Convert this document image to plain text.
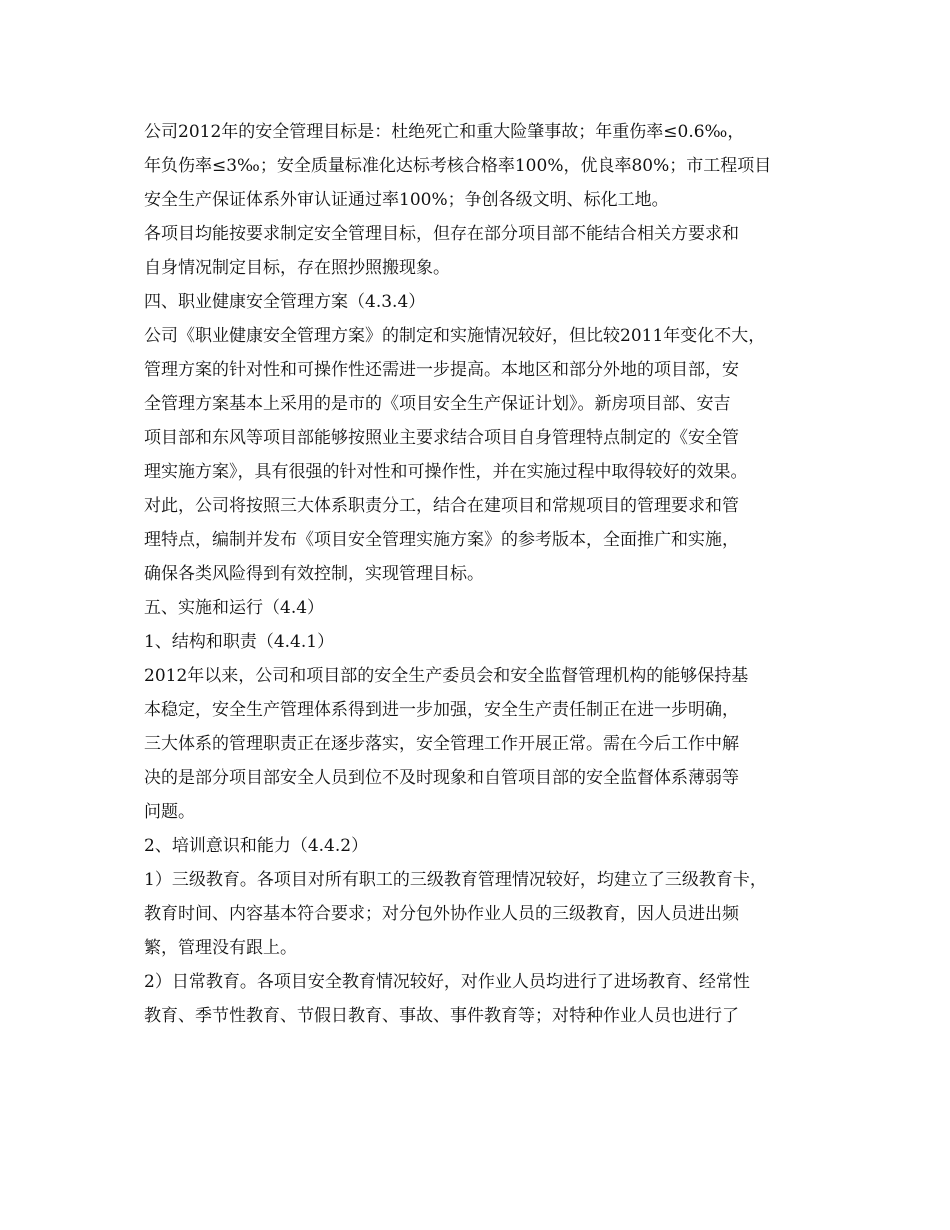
公司2012年的安全管理目标是：杜绝死亡和重大险肇事故；年重伤率≤0.6‰，
年负伤率≤3‰；安全质量标准化达标考核合格率100%，优良率80%；市工程项目
安全生产保证体系外审认证通过率100%；争创各级文明、标化工地。
各项目均能按要求制定安全管理目标，但存在部分项目部不能结合相关方要求和
自身情况制定目标，存在照抄照搬现象。
四、职业健康安全管理方案（4.3.4）
公司《职业健康安全管理方案》的制定和实施情况较好，但比较2011年变化不大，
管理方案的针对性和可操作性还需进一步提高。本地区和部分外地的项目部，安
全管理方案基本上采用的是市的《项目安全生产保证计划》。新房项目部、安吉
项目部和东风等项目部能够按照业主要求结合项目自身管理特点制定的《安全管
理实施方案》，具有很强的针对性和可操作性，并在实施过程中取得较好的效果。
对此，公司将按照三大体系职责分工，结合在建项目和常规项目的管理要求和管
理特点，编制并发布《项目安全管理实施方案》的参考版本，全面推广和实施，
确保各类风险得到有效控制，实现管理目标。
五、实施和运行（4.4）
1、结构和职责（4.4.1）
2012年以来，公司和项目部的安全生产委员会和安全监督管理机构的能够保持基
本稳定，安全生产管理体系得到进一步加强，安全生产责任制正在进一步明确，
三大体系的管理职责正在逐步落实，安全管理工作开展正常。需在今后工作中解
决的是部分项目部安全人员到位不及时现象和自管项目部的安全监督体系薄弱等
问题。
2、培训意识和能力（4.4.2）
1）三级教育。各项目对所有职工的三级教育管理情况较好，均建立了三级教育卡，
教育时间、内容基本符合要求；对分包外协作业人员的三级教育，因人员进出频
繁，管理没有跟上。
2）日常教育。各项目安全教育情况较好，对作业人员均进行了进场教育、经常性
教育、季节性教育、节假日教育、事故、事件教育等；对特种作业人员也进行了
